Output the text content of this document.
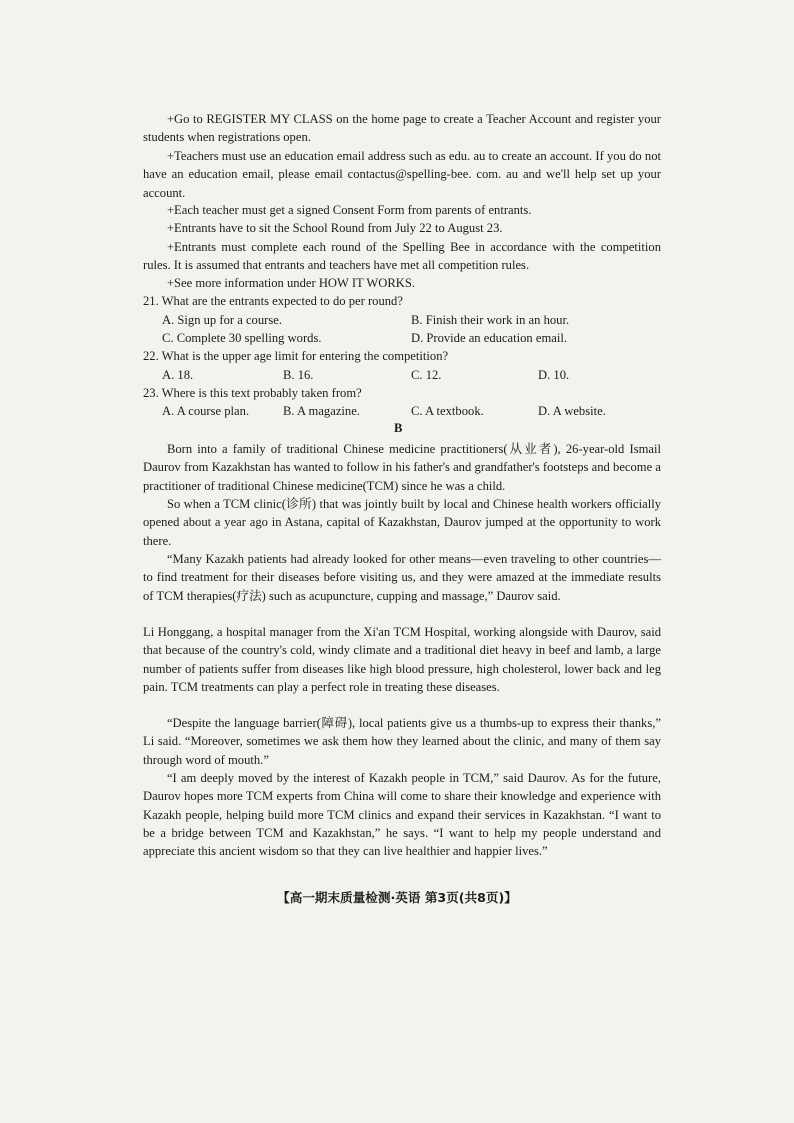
+Go to REGISTER MY CLASS on the home page to create a Teacher Account and register your students when registrations open.

+Teachers must use an education email address such as edu. au to create an account. If you do not have an education email, please email contactus@spelling-bee. com. au and we'll help set up your account.

+Each teacher must get a signed Consent Form from parents of entrants.

+Entrants have to sit the School Round from July 22 to August 23.

+Entrants must complete each round of the Spelling Bee in accordance with the competition rules. It is assumed that entrants and teachers have met all competition rules.

+See more information under HOW IT WORKS.

21. What are the entrants expected to do per round?

A. Sign up for a course.	B. Finish their work in an hour.

C. Complete 30 spelling words.	D. Provide an education email.

22. What is the upper age limit for entering the competition?

A. 18.	B. 16.	C. 12.	D. 10.

23. Where is this text probably taken from?

A. A course plan.	B. A magazine.	C. A textbook.	D. A website.

B

Born into a family of traditional Chinese medicine practitioners(从业者), 26-year-old Ismail Daurov from Kazakhstan has wanted to follow in his father's and grandfather's footsteps and become a practitioner of traditional Chinese medicine(TCM) since he was a child.

So when a TCM clinic(诊所) that was jointly built by local and Chinese health workers officially opened about a year ago in Astana, capital of Kazakhstan, Daurov jumped at the opportunity to work there.

“Many Kazakh patients had already looked for other means—even traveling to other countries—to find treatment for their diseases before visiting us, and they were amazed at the immediate results of TCM therapies(疗法) such as acupuncture, cupping and massage,” Daurov said.

Li Honggang, a hospital manager from the Xi'an TCM Hospital, working alongside with Daurov, said that because of the country's cold, windy climate and a traditional diet heavy in beef and lamb, a large number of patients suffer from diseases like high blood pressure, high cholesterol, lower back and leg pain. TCM treatments can play a perfect role in treating these diseases.

“Despite the language barrier(障碍), local patients give us a thumbs-up to express their thanks,” Li said. “Moreover, sometimes we ask them how they learned about the clinic, and many of them say through word of mouth.”

“I am deeply moved by the interest of Kazakh people in TCM,” said Daurov. As for the future, Daurov hopes more TCM experts from China will come to share their knowledge and experience with Kazakh people, helping build more TCM clinics and expand their services in Kazakhstan. “I want to be a bridge between TCM and Kazakhstan,” he says. “I want to help my people understand and appreciate this ancient wisdom so that they can live healthier and happier lives.”

【高一期末质量检测·英语 第3页(共8页)】
